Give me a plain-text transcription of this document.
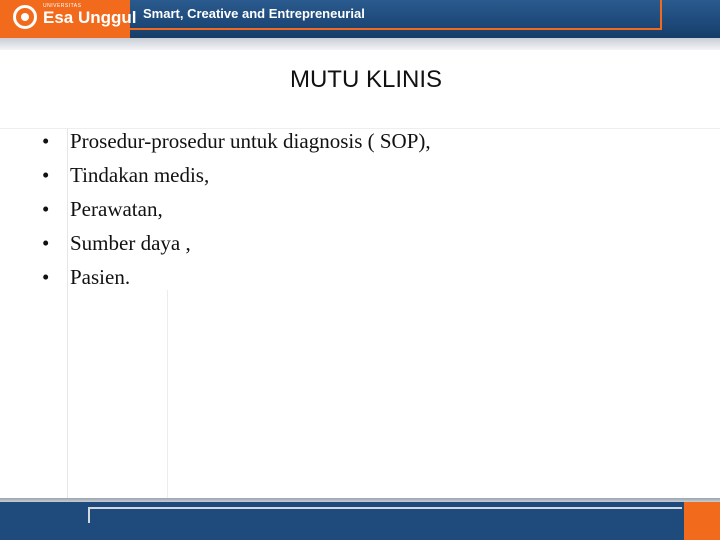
UNIVERSITAS
Esa Unggul Smart, Creative and Entrepreneurial
MUTU KLINIS
• Prosedur-prosedur untuk diagnosis ( SOP),
• Tindakan medis,
• Perawatan,
• Sumber daya ,
• Pasien.
